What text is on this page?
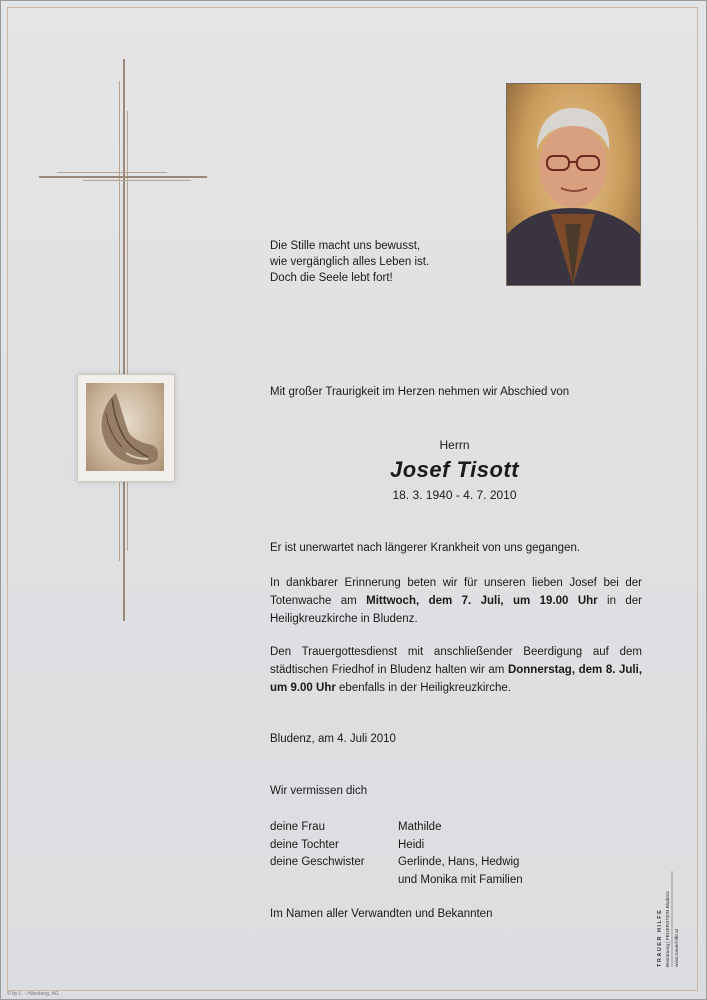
Die Stille macht uns bewusst,
wie vergänglich alles Leben ist.
Doch die Seele lebt fort!
Mit großer Traurigkeit im Herzen nehmen wir Abschied von
Herrn
Josef Tisott
18. 3. 1940 - 4. 7. 2010
Er ist unerwartet nach längerer Krankheit von uns gegangen.
In dankbarer Erinnerung beten wir für unseren lieben Josef bei der Totenwache am Mittwoch, dem 7. Juli, um 19.00 Uhr in der Heiligkreuzkirche in Bludenz.
Den Trauergottesdienst mit anschließender Beerdigung auf dem städtischen Friedhof in Bludenz halten wir am Donnerstag, dem 8. Juli, um 9.00 Uhr ebenfalls in der Heiligkreuzkirche.
Bludenz, am 4. Juli 2010
Wir vermissen dich
deine Frau
deine Tochter
deine Geschwister

Mathilde
Heidi
Gerlinde, Hans, Hedwig
und Monika mit Familien
Im Namen aller Verwandten und Bekannten	TRAUER HILFE Bestattung | FEUERSTEIN Bludenz www.trauerhilfe.at
© by L. - Hänsberg, AG
